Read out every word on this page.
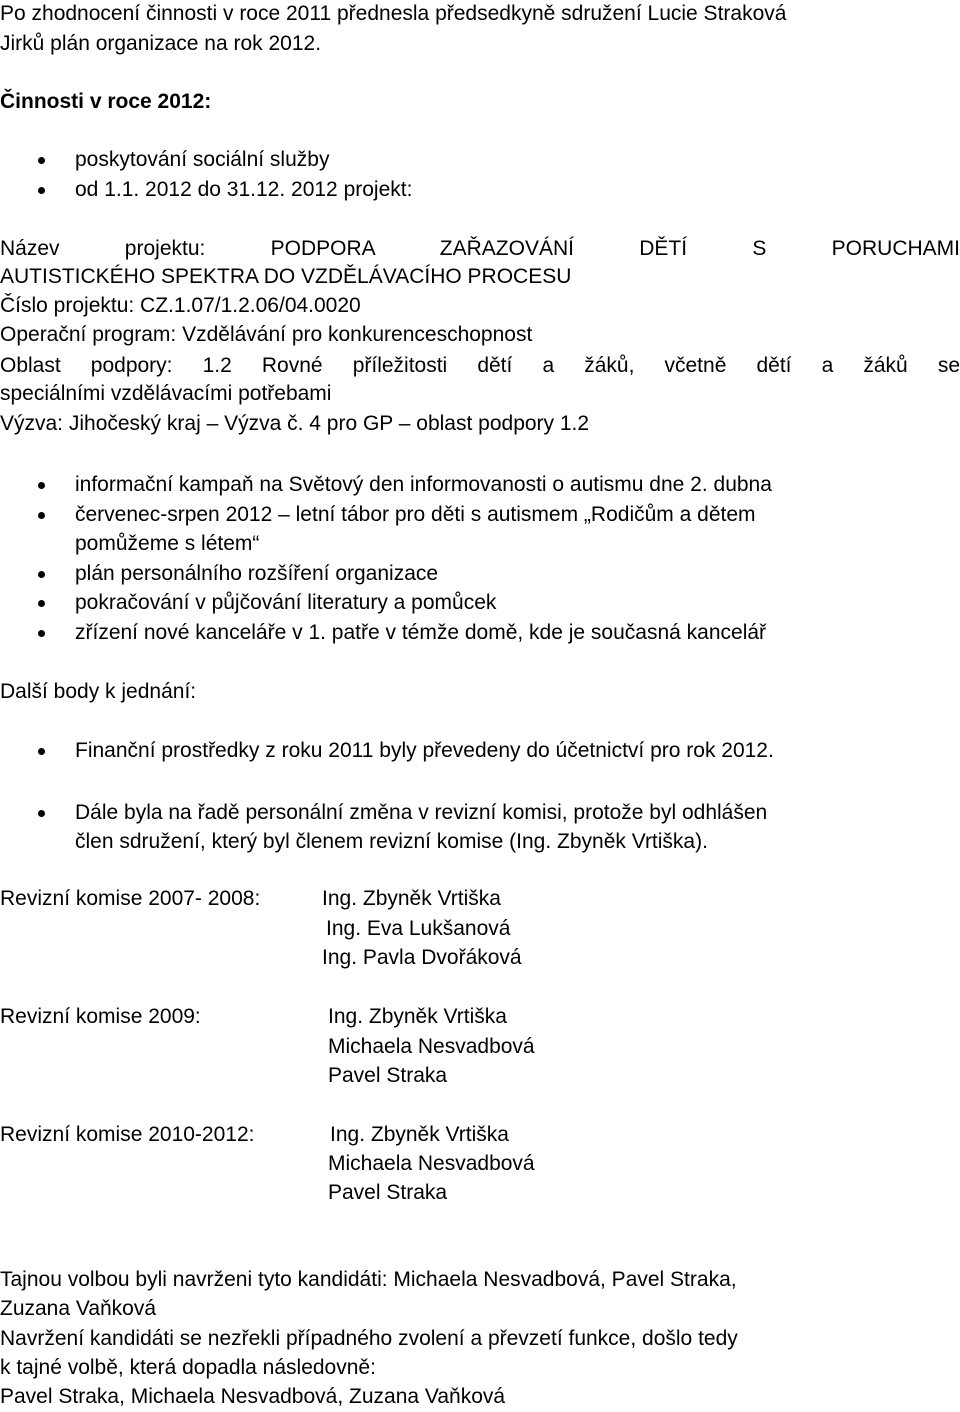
Po zhodnocení činnosti v roce 2011 přednesla předsedkyně sdružení Lucie Straková
Jirků plán organizace na rok 2012.
Činnosti v roce 2012:
poskytování sociální služby
od 1.1. 2012 do 31.12. 2012 projekt:
Název projektu: PODPORA ZAŘAZOVÁNÍ DĚTÍ S PORUCHAMI
AUTISTICKÉHO SPEKTRA DO VZDĚLÁVACÍHO PROCESU
Číslo projektu: CZ.1.07/1.2.06/04.0020
Operační program: Vzdělávání pro konkurenceschopnost
Oblast podpory: 1.2 Rovné příležitosti dětí a žáků, včetně dětí a žáků se
speciálními vzdělávacími potřebami
Výzva: Jihočeský kraj – Výzva č. 4 pro GP – oblast podpory 1.2
informační kampaň na Světový den informovanosti o autismu dne 2. dubna
červenec-srpen 2012 – letní tábor pro děti s autismem „Rodičům a dětem
pomůžeme s létem“
plán personálního rozšíření organizace
pokračování v půjčování literatury a pomůcek
zřízení nové kanceláře v 1. patře v témže domě, kde je současná kancelář
Další body k jednání:
Finanční prostředky z roku 2011 byly převedeny do účetnictví pro rok 2012.
Dále byla na řadě personální změna v revizní komisi, protože byl odhlášen
člen sdružení, který byl členem revizní komise (Ing. Zbyněk Vrtiška).
Revizní komise 2007- 2008:	Ing. Zbyněk Vrtiška
Ing. Eva Lukšanová
Ing. Pavla Dvořáková
Revizní komise 2009:	Ing. Zbyněk Vrtiška
Michaela Nesvadbová
Pavel Straka
Revizní komise 2010-2012:	Ing. Zbyněk Vrtiška
Michaela Nesvadbová
Pavel Straka
Tajnou volbou byli navrženi tyto kandidáti: Michaela Nesvadbová, Pavel Straka,
Zuzana Vaňková
Navržení kandidáti se nezřekli případného zvolení a převzetí funkce, došlo tedy
k tajné volbě, která dopadla následovně:
Pavel Straka, Michaela Nesvadbová, Zuzana Vaňková
